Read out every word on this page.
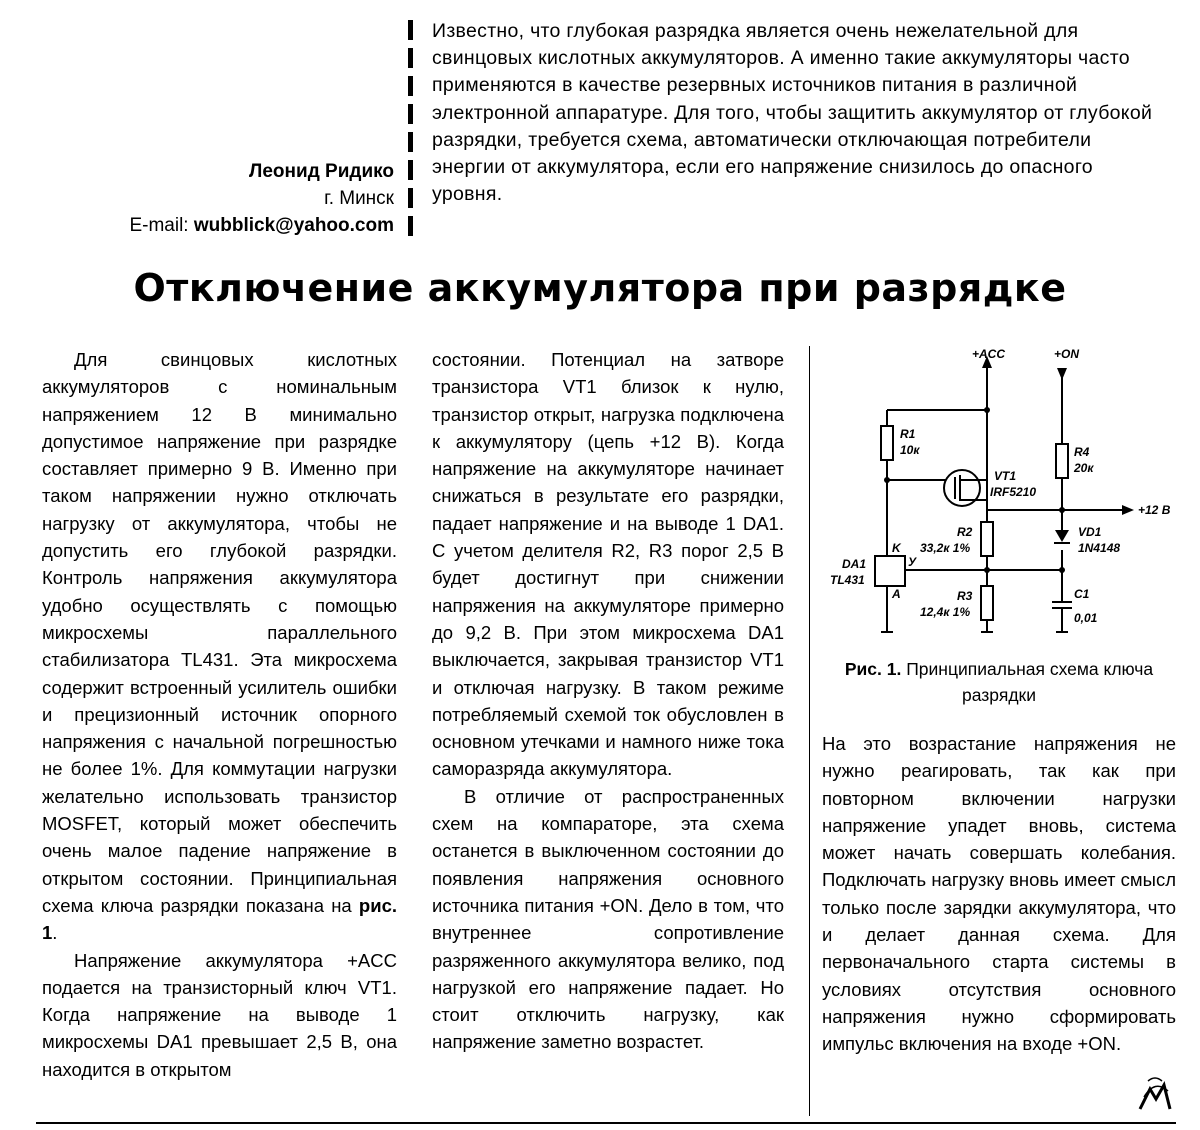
Леонид Ридико
г. Минск
E-mail: wubblick@yahoo.com

Известно, что глубокая разрядка является очень нежелательной для свинцовых кислотных аккумуляторов. А именно такие аккумуляторы часто применяются в качестве резервных источников питания в различной электронной аппаратуре. Для того, чтобы защитить аккумулятор от глубокой разрядки, требуется схема, автоматически отключающая потребители энергии от аккумулятора, если его напряжение снизилось до опасного уровня.

Отключение аккумулятора при разрядке

Для свинцовых кислотных аккумуляторов с номинальным напряжением 12 В минимально допустимое напряжение при разрядке составляет примерно 9 В. Именно при таком напряжении нужно отключать нагрузку от аккумулятора, чтобы не допустить его глубокой разрядки. Контроль напряжения аккумулятора удобно осуществлять с помощью микросхемы параллельного стабилизатора TL431. Эта микросхема содержит встроенный усилитель ошибки и прецизионный источник опорного напряжения с начальной погрешностью не более 1%. Для коммутации нагрузки желательно использовать транзистор MOSFET, который может обеспечить очень малое падение напряжение в открытом состоянии. Принципиальная схема ключа разрядки показана на рис. 1.

Напряжение аккумулятора +ACC подается на транзисторный ключ VT1. Когда напряжение на выводе 1 микросхемы DA1 превышает 2,5 В, она находится в открытом

состоянии. Потенциал на затворе транзистора VT1 близок к нулю, транзистор открыт, нагрузка подключена к аккумулятору (цепь +12 В). Когда напряжение на аккумуляторе начинает снижаться в результате его разрядки, падает напряжение и на выводе 1 DA1. С учетом делителя R2, R3 порог 2,5 В будет достигнут при снижении напряжения на аккумуляторе примерно до 9,2 В. При этом микросхема DA1 выключается, закрывая транзистор VT1 и отключая нагрузку. В таком режиме потребляемый схемой ток обусловлен в основном утечками и намного ниже тока саморазряда аккумулятора.

В отличие от распространенных схем на компараторе, эта схема останется в выключенном состоянии до появления напряжения основного источника питания +ON. Дело в том, что внутреннее сопротивление разряженного аккумулятора велико, под нагрузкой его напряжение падает. Но стоит отключить нагрузку, как напряжение заметно возрастет.

+ACC	+ON
+12 В
R1
10к
VT1
IRF5210
R4
20к
R2
33,2к 1%
VD1
1N4148
DA1
TL431
K
A
У
R3
12,4к 1%
C1
0,01
Рис. 1. Принципиальная схема ключа разрядки

На это возрастание напряжения не нужно реагировать, так как при повторном включении нагрузки напряжение упадет вновь, система может начать совершать колебания. Подключать нагрузку вновь имеет смысл только после зарядки аккумулятора, что и делает данная схема. Для первоначального старта системы в условиях отсутствия основного напряжения нужно сформировать импульс включения на входе +ON.
